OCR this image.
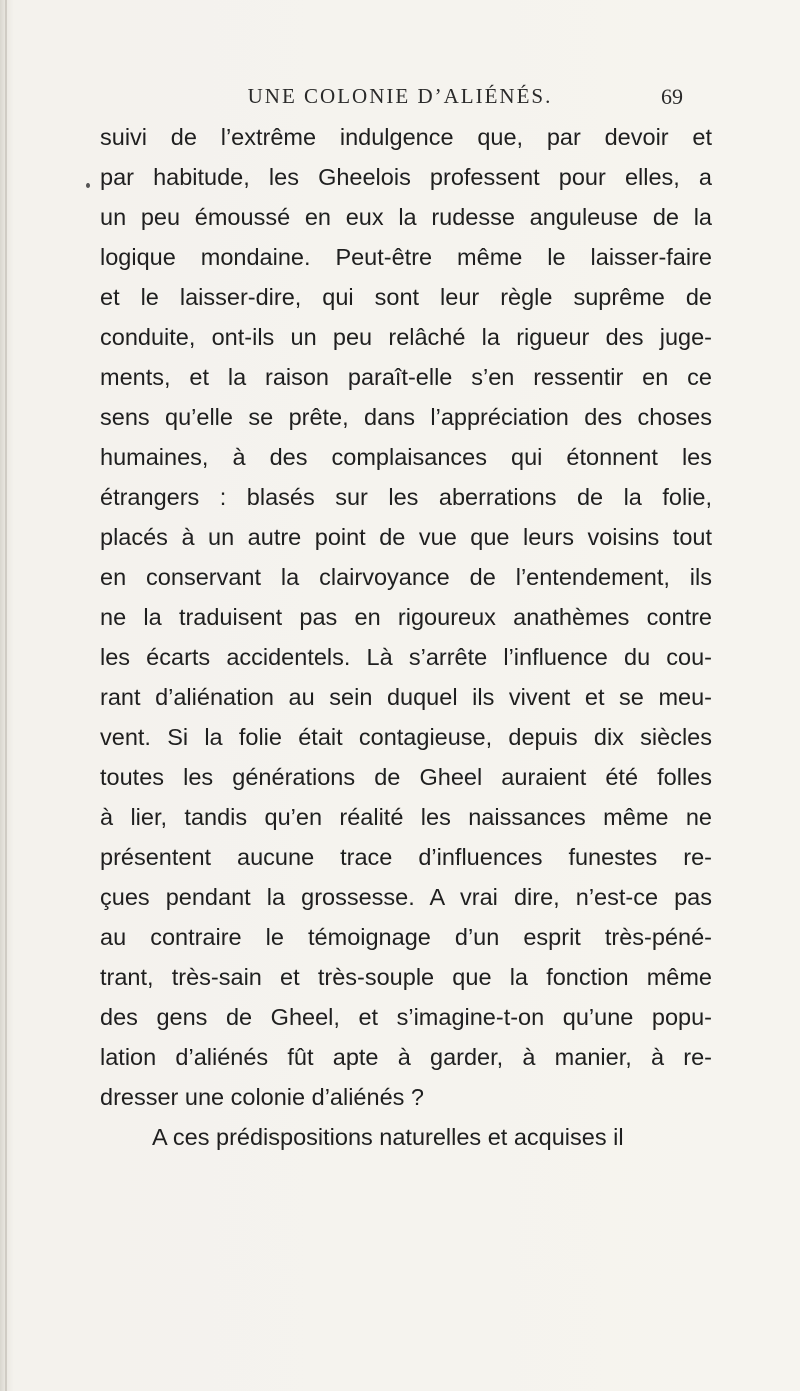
UNE COLONIE D’ALIÉNÉS.	69
suivi de l’extrême indulgence que, par devoir et
par habitude, les Gheelois professent pour elles, a
un peu émoussé en eux la rudesse anguleuse de la
logique mondaine. Peut-être même le laisser-faire
et le laisser-dire, qui sont leur règle suprême de
conduite, ont-ils un peu relâché la rigueur des juge-
ments, et la raison paraît-elle s’en ressentir en ce
sens qu’elle se prête, dans l’appréciation des choses
humaines, à des complaisances qui étonnent les
étrangers : blasés sur les aberrations de la folie,
placés à un autre point de vue que leurs voisins tout
en conservant la clairvoyance de l’entendement, ils
ne la traduisent pas en rigoureux anathèmes contre
les écarts accidentels. Là s’arrête l’influence du cou-
rant d’aliénation au sein duquel ils vivent et se meu-
vent. Si la folie était contagieuse, depuis dix siècles
toutes les générations de Gheel auraient été folles
à lier, tandis qu’en réalité les naissances même ne
présentent aucune trace d’influences funestes re-
çues pendant la grossesse. A vrai dire, n’est-ce pas
au contraire le témoignage d’un esprit très-péné-
trant, très-sain et très-souple que la fonction même
des gens de Gheel, et s’imagine-t-on qu’une popu-
lation d’aliénés fût apte à garder, à manier, à re-
dresser une colonie d’aliénés ?
A ces prédispositions naturelles et acquises il
